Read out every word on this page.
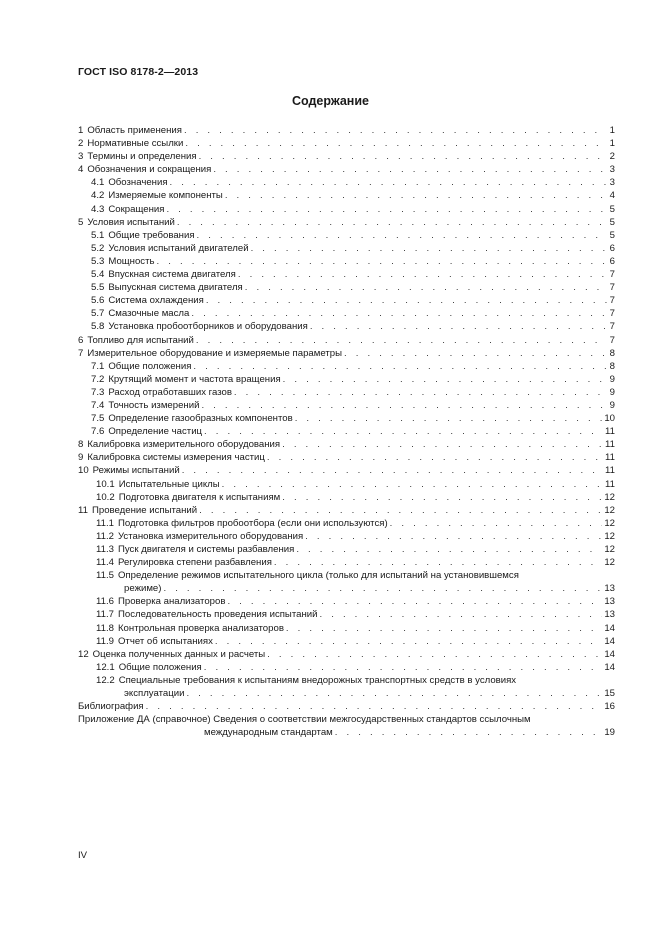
ГОСТ ISO 8178-2—2013
Содержание
1 Область применения . . .	1
2 Нормативные ссылки . . .	1
3 Термины и определения . . .	2
4 Обозначения и сокращения . . .	3
4.1 Обозначения . . .	3
4.2 Измеряемые компоненты . . .	4
4.3 Сокращения . . .	5
5 Условия испытаний . . .	5
5.1 Общие требования . . .	5
5.2 Условия испытаний двигателей . . .	6
5.3 Мощность . . .	6
5.4 Впускная система двигателя . . .	7
5.5 Выпускная система двигателя . . .	7
5.6 Система охлаждения . . .	7
5.7 Смазочные масла . . .	7
5.8 Установка пробоотборников и оборудования . . .	7
6 Топливо для испытаний . . .	7
7 Измерительное оборудование и измеряемые параметры . . .	8
7.1 Общие положения . . .	8
7.2 Крутящий момент и частота вращения . . .	9
7.3 Расход отработавших газов . . .	9
7.4 Точность измерений . . .	9
7.5 Определение газообразных компонентов . . .	10
7.6 Определение частиц . . .	11
8 Калибровка измерительного оборудования . . .	11
9 Калибровка системы измерения частиц . . .	11
10 Режимы испытаний . . .	11
10.1 Испытательные циклы . . .	11
10.2 Подготовка двигателя к испытаниям . . .	12
11 Проведение испытаний . . .	12
11.1 Подготовка фильтров пробоотбора (если они используются) . . .	12
11.2 Установка измерительного оборудования . . .	12
11.3 Пуск двигателя и системы разбавления . . .	12
11.4 Регулировка степени разбавления . . .	12
11.5 Определение режимов испытательного цикла (только для испытаний на установившемся
режиме) . . .	13
11.6 Проверка анализаторов . . .	13
11.7 Последовательность проведения испытаний . . .	13
11.8 Контрольная проверка анализаторов . . .	14
11.9 Отчет об испытаниях . . .	14
12 Оценка полученных данных и расчеты . . .	14
12.1 Общие положения . . .	14
12.2 Специальные требования к испытаниям внедорожных транспортных средств в условиях
эксплуатации . . .	15
Библиография . . .	16
Приложение ДА (справочное) Сведения о соответствии межгосударственных стандартов ссылочным
международным стандартам . . .	19
IV
